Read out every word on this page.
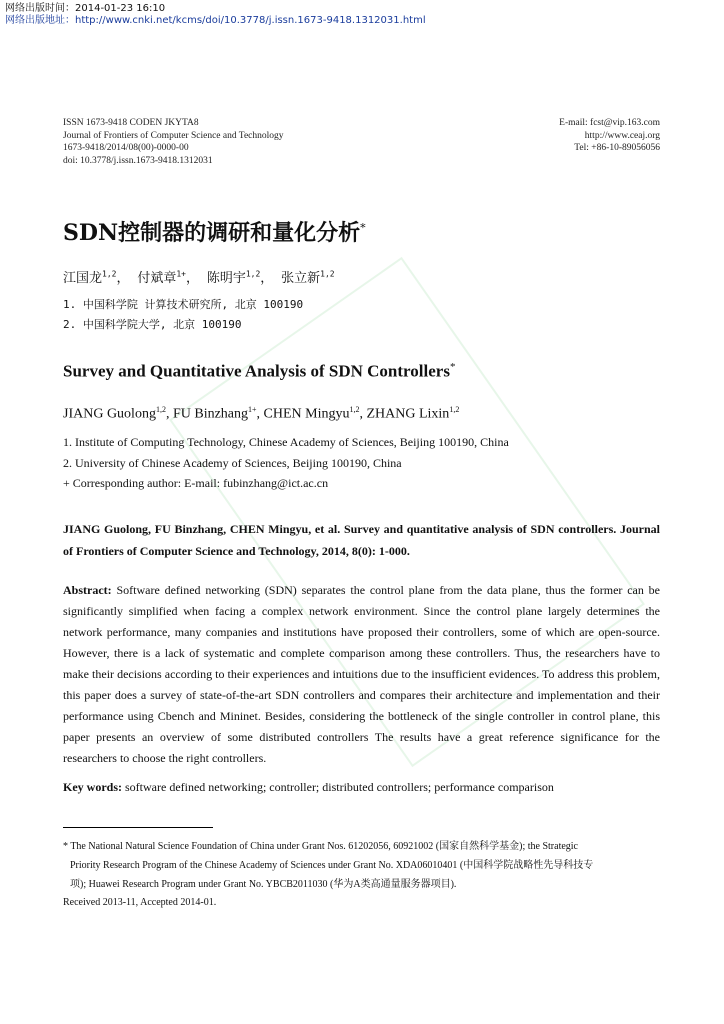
网络出版时间：2014-01-23 16:10
网络出版地址：http://www.cnki.net/kcms/doi/10.3778/j.issn.1673-9418.1312031.html
ISSN 1673-9418 CODEN JKYTA8
Journal of Frontiers of Computer Science and Technology
1673-9418/2014/08(00)-0000-00
doi: 10.3778/j.issn.1673-9418.1312031
E-mail: fcst@vip.163.com
http://www.ceaj.org
Tel: +86-10-89056056
SDN控制器的调研和量化分析*
江国龙$^{1,2}$， 付斌章$^{1+}$， 陈明宇$^{1,2}$， 张立新$^{1,2}$
1. 中国科学院 计算技术研究所, 北京 100190
2. 中国科学院大学, 北京 100190
Survey and Quantitative Analysis of SDN Controllers*
JIANG Guolong$^{1,2}$, FU Binzhang$^{1+}$, CHEN Mingyu$^{1,2}$, ZHANG Lixin$^{1,2}$
1. Institute of Computing Technology, Chinese Academy of Sciences, Beijing 100190, China
2. University of Chinese Academy of Sciences, Beijing 100190, China
+ Corresponding author: E-mail: fubinzhang@ict.ac.cn
JIANG Guolong, FU Binzhang, CHEN Mingyu, et al. Survey and quantitative analysis of SDN controllers. Journal of Frontiers of Computer Science and Technology, 2014, 8(0): 1-000.
Abstract: Software defined networking (SDN) separates the control plane from the data plane, thus the former can be significantly simplified when facing a complex network environment. Since the control plane largely determines the network performance, many companies and institutions have proposed their controllers, some of which are open-source. However, there is a lack of systematic and complete comparison among these controllers. Thus, the researchers have to make their decisions according to their experiences and intuitions due to the insufficient evidences. To address this problem, this paper does a survey of state-of-the-art SDN controllers and compares their architecture and implementation and their performance using Cbench and Mininet. Besides, considering the bottleneck of the single controller in control plane, this paper presents an overview of some distributed controllers The results have a great reference significance for the researchers to choose the right controllers.
Key words: software defined networking; controller; distributed controllers; performance comparison
* The National Natural Science Foundation of China under Grant Nos. 61202056, 60921002 (国家自然科学基金); the Strategic
Priority Research Program of the Chinese Academy of Sciences under Grant No. XDA06010401 (中国科学院战略性先导科技专
项); Huawei Research Program under Grant No. YBCB2011030 (华为A类高通量服务器项目).
Received 2013-11, Accepted 2014-01.
